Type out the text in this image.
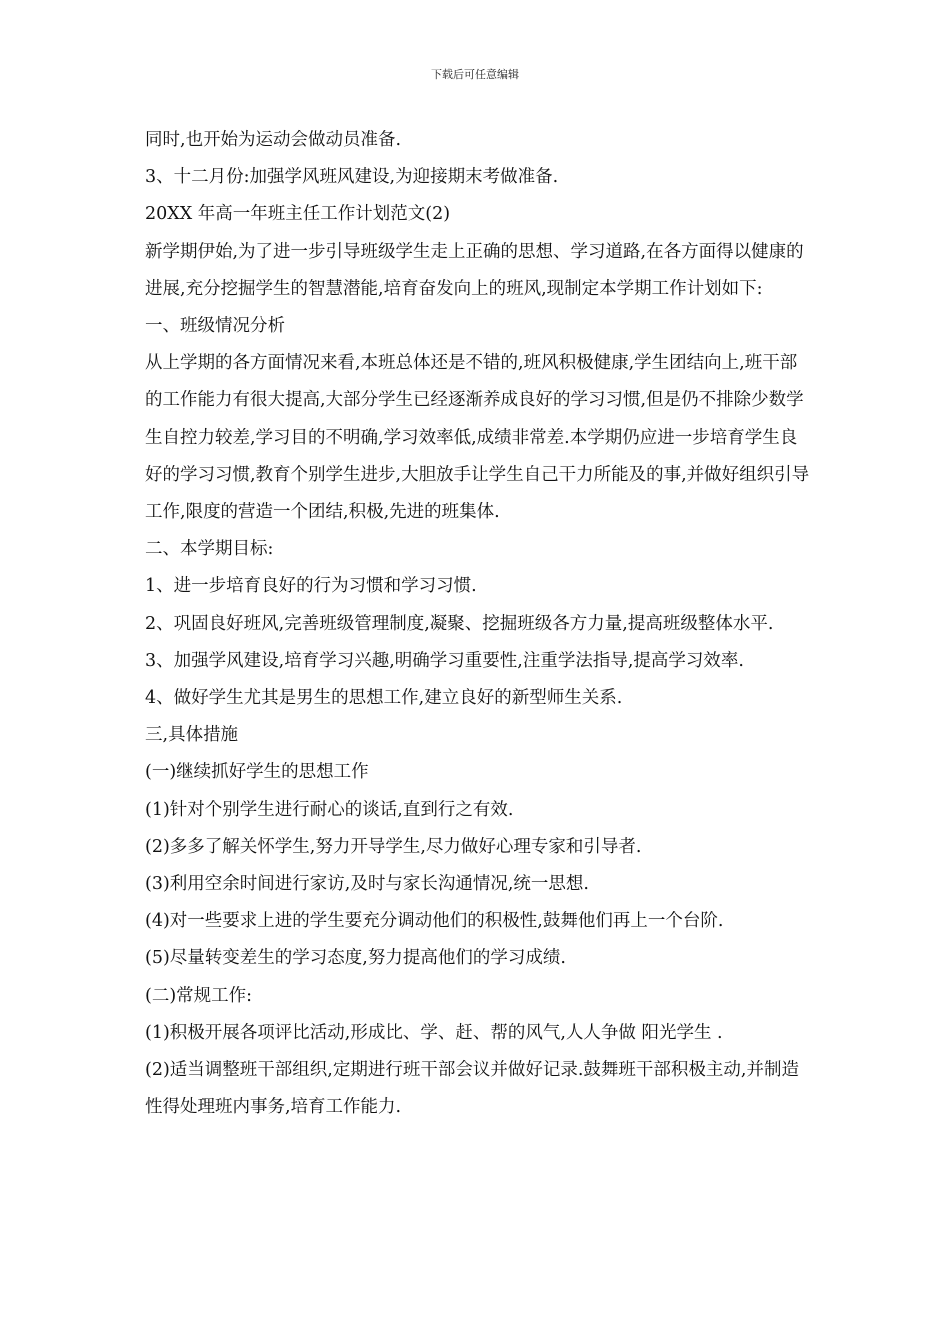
下载后可任意编辑

同时,也开始为运动会做动员准备.

3、十二月份:加强学风班风建设,为迎接期末考做准备.

20XX 年高一年班主任工作计划范文(2)

新学期伊始,为了进一步引导班级学生走上正确的思想、学习道路,在各方面得以健康的进展,充分挖掘学生的智慧潜能,培育奋发向上的班风,现制定本学期工作计划如下:

一、班级情况分析

从上学期的各方面情况来看,本班总体还是不错的,班风积极健康,学生团结向上,班干部的工作能力有很大提高,大部分学生已经逐渐养成良好的学习习惯,但是仍不排除少数学生自控力较差,学习目的不明确,学习效率低,成绩非常差.本学期仍应进一步培育学生良好的学习习惯,教育个别学生进步,大胆放手让学生自己干力所能及的事,并做好组织引导工作,限度的营造一个团结,积极,先进的班集体.

二、本学期目标:

1、进一步培育良好的行为习惯和学习习惯.

2、巩固良好班风,完善班级管理制度,凝聚、挖掘班级各方力量,提高班级整体水平.

3、加强学风建设,培育学习兴趣,明确学习重要性,注重学法指导,提高学习效率.

4、做好学生尤其是男生的思想工作,建立良好的新型师生关系.

三,具体措施

(一)继续抓好学生的思想工作

(1)针对个别学生进行耐心的谈话,直到行之有效.

(2)多多了解关怀学生,努力开导学生,尽力做好心理专家和引导者.

(3)利用空余时间进行家访,及时与家长沟通情况,统一思想.

(4)对一些要求上进的学生要充分调动他们的积极性,鼓舞他们再上一个台阶.

(5)尽量转变差生的学习态度,努力提高他们的学习成绩.

(二)常规工作:

(1)积极开展各项评比活动,形成比、学、赶、帮的风气,人人争做 阳光学生 .

(2)适当调整班干部组织,定期进行班干部会议并做好记录.鼓舞班干部积极主动,并制造性得处理班内事务,培育工作能力.
